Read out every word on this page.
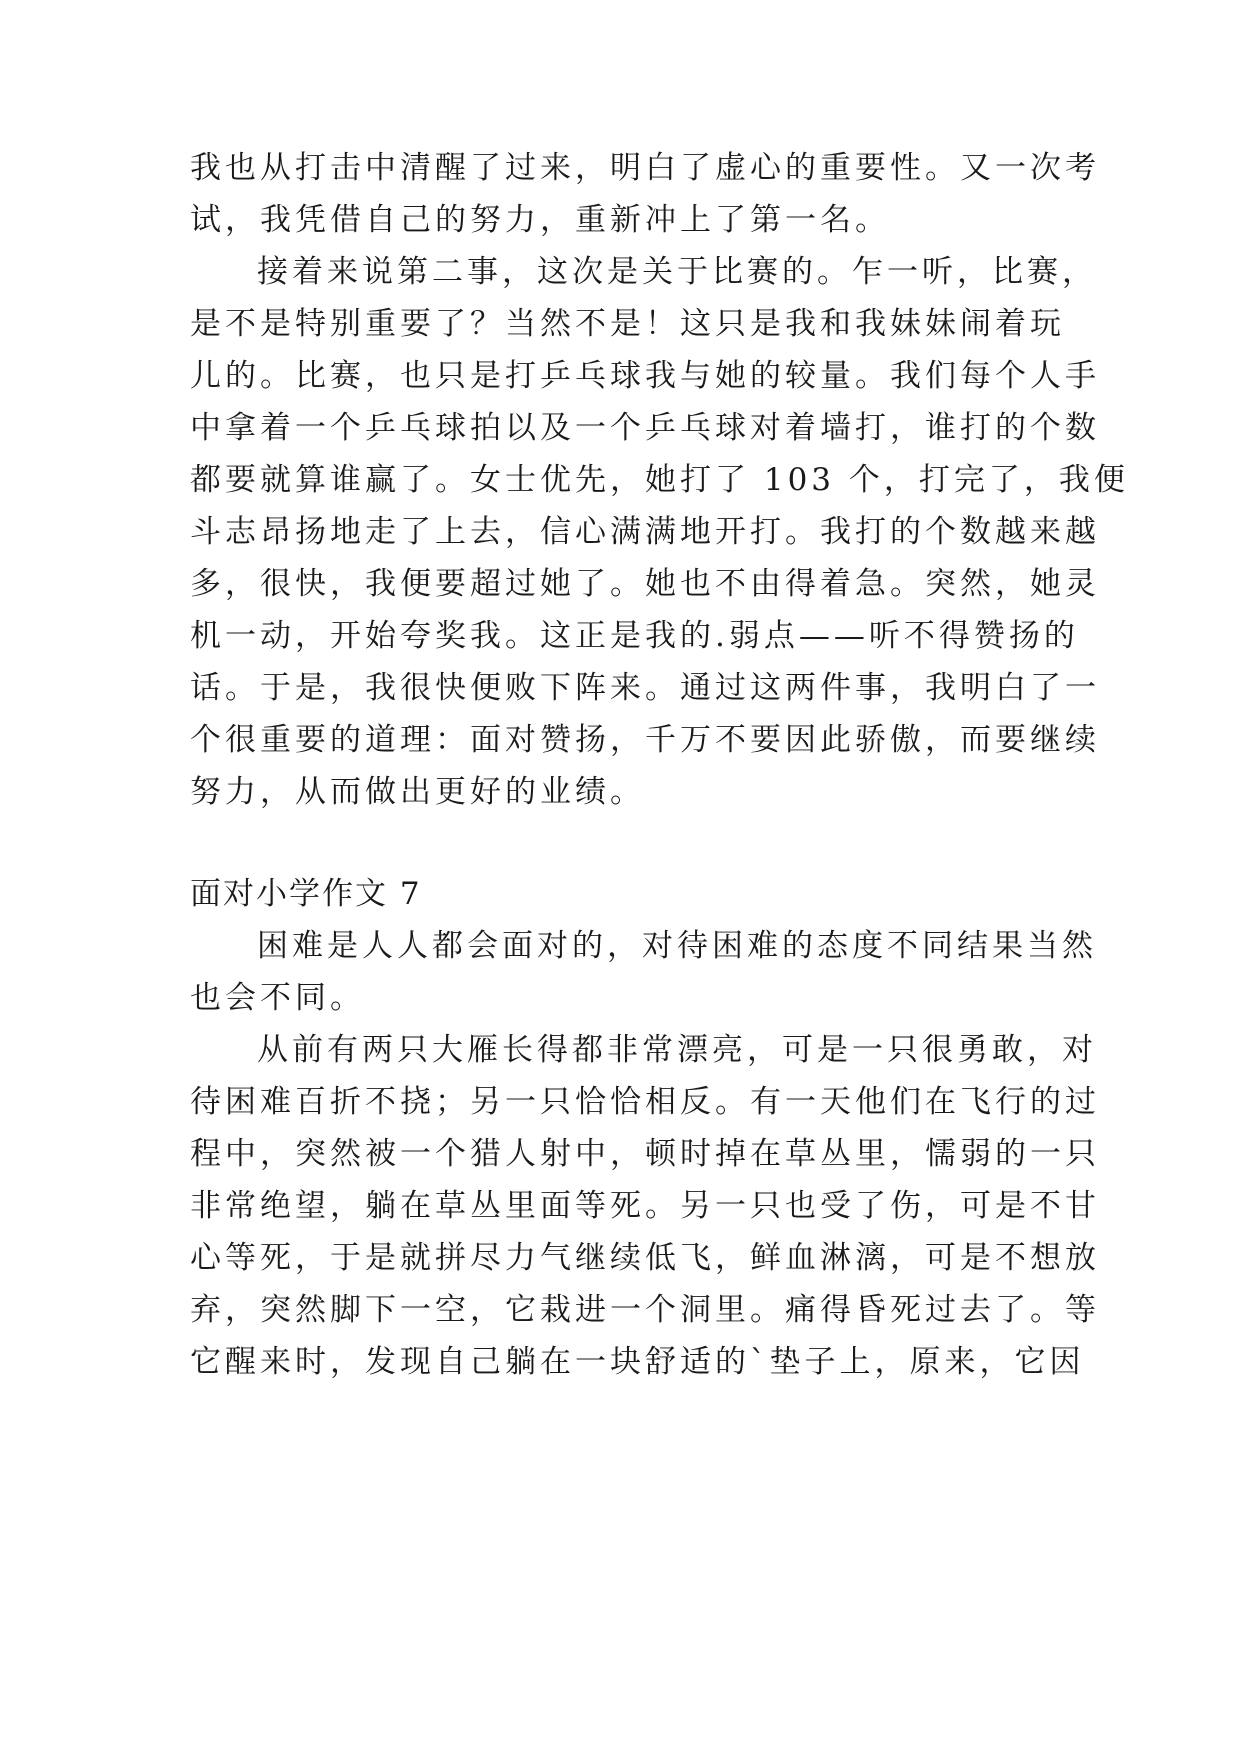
我也从打击中清醒了过来，明白了虚心的重要性。又一次考
试，我凭借自己的努力，重新冲上了第一名。
接着来说第二事，这次是关于比赛的。乍一听，比赛，
是不是特别重要了？当然不是！这只是我和我妹妹闹着玩
儿的。比赛，也只是打乒乓球我与她的较量。我们每个人手
中拿着一个乒乓球拍以及一个乒乓球对着墙打，谁打的个数
都要就算谁赢了。女士优先，她打了 103 个，打完了，我便
斗志昂扬地走了上去，信心满满地开打。我打的个数越来越
多，很快，我便要超过她了。她也不由得着急。突然，她灵
机一动，开始夸奖我。这正是我的.弱点——听不得赞扬的
话。于是，我很快便败下阵来。通过这两件事，我明白了一
个很重要的道理：面对赞扬，千万不要因此骄傲，而要继续
努力，从而做出更好的业绩。
面对小学作文 7
困难是人人都会面对的，对待困难的态度不同结果当然
也会不同。
从前有两只大雁长得都非常漂亮，可是一只很勇敢，对
待困难百折不挠；另一只恰恰相反。有一天他们在飞行的过
程中，突然被一个猎人射中，顿时掉在草丛里，懦弱的一只
非常绝望，躺在草丛里面等死。另一只也受了伤，可是不甘
心等死，于是就拼尽力气继续低飞，鲜血淋漓，可是不想放
弃，突然脚下一空，它栽进一个洞里。痛得昏死过去了。等
它醒来时，发现自己躺在一块舒适的`垫子上，原来，它因
